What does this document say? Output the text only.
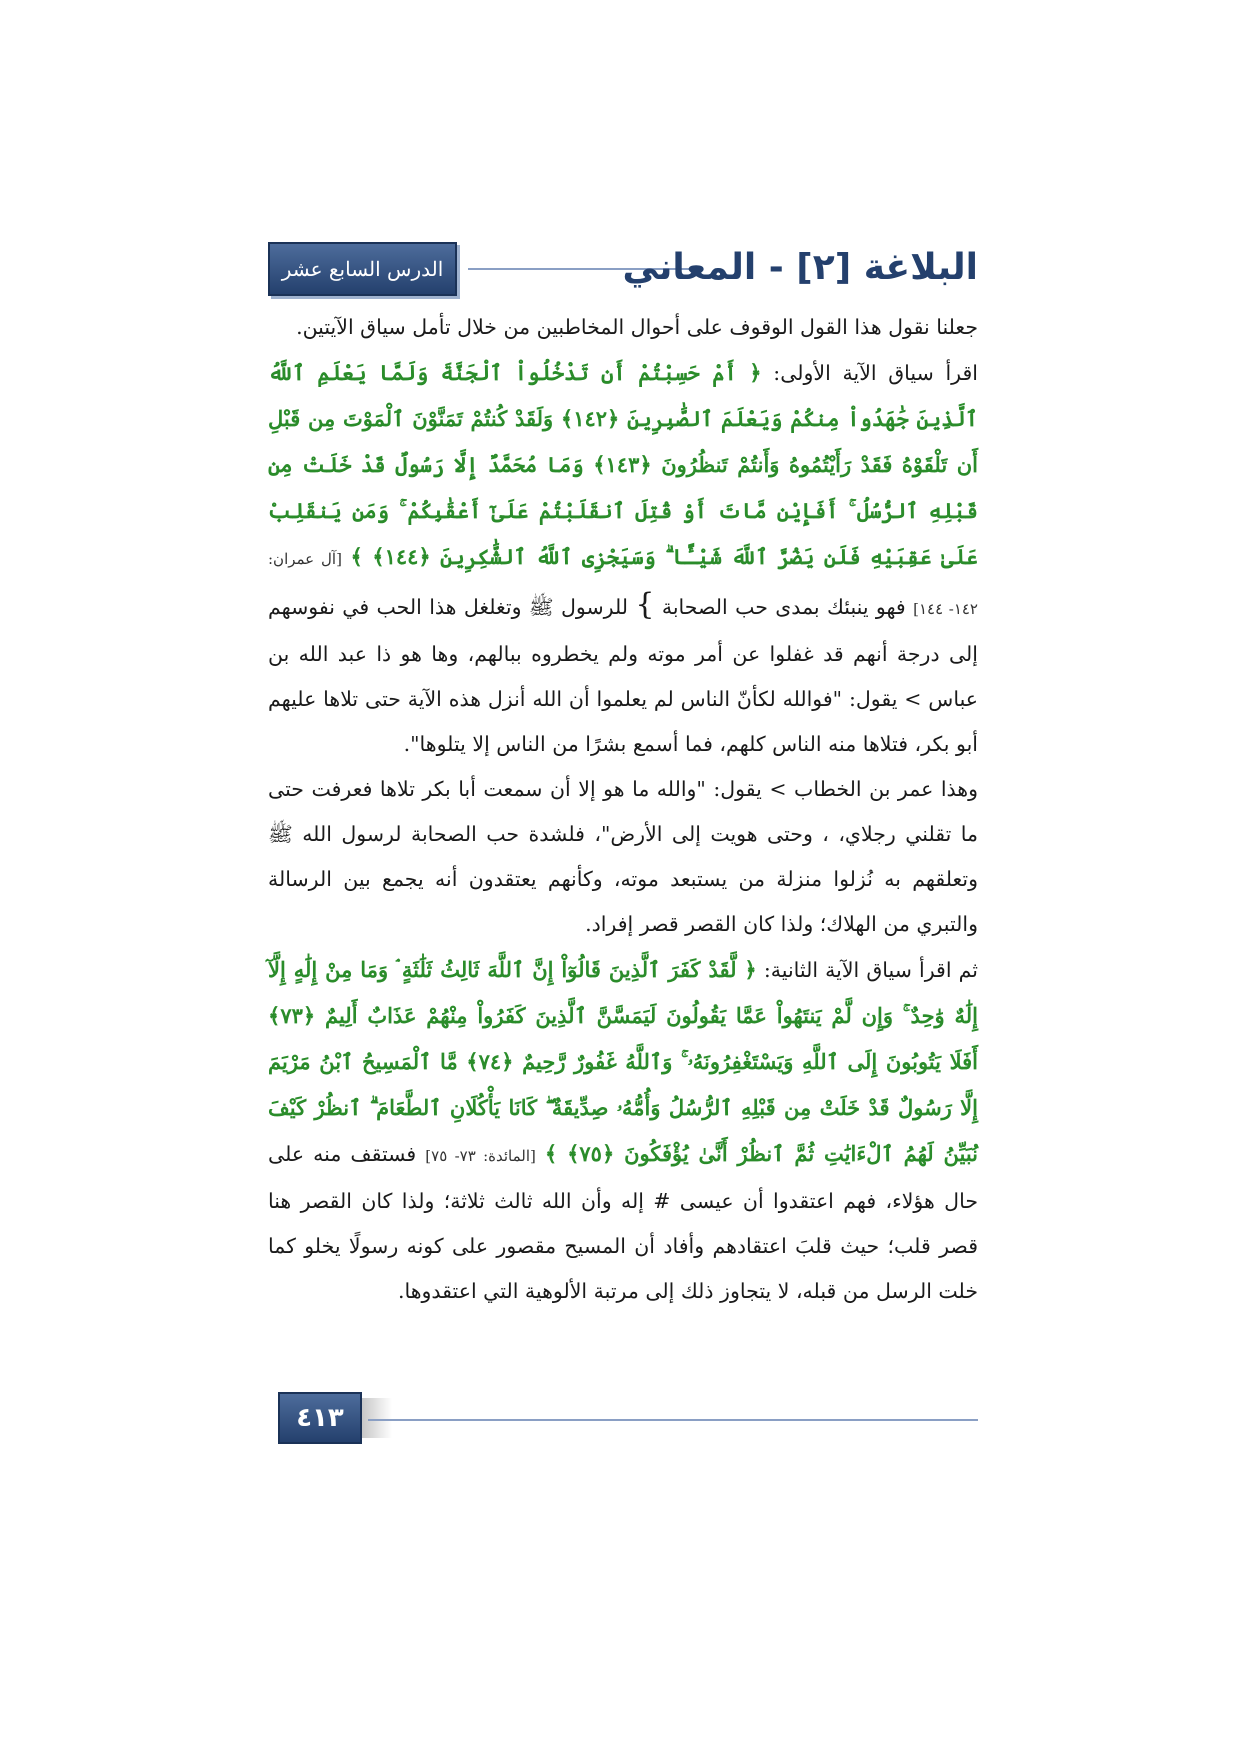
الدرس السابع عشر	البلاغة [٢] - المعاني

جعلنا نقول هذا القول الوقوف على أحوال المخاطبين من خلال تأمل سياق الآيتين.

اقرأ سياق الآية الأولى: ﴿ أَمْ حَسِبْتُمْ أَن تَدْخُلُواْ ٱلْجَنَّةَ وَلَمَّا يَعْلَمِ ٱللَّهُ ٱلَّذِينَ جَٰهَدُواْ مِنكُمْ وَيَعْلَمَ ٱلصَّٰبِرِينَ ﴿١٤٢﴾ وَلَقَدْ كُنتُمْ تَمَنَّوْنَ ٱلْمَوْتَ مِن قَبْلِ أَن تَلْقَوْهُ فَقَدْ رَأَيْتُمُوهُ وَأَنتُمْ تَنظُرُونَ ﴿١٤٣﴾ وَمَا مُحَمَّدٌ إِلَّا رَسُولٌ قَدْ خَلَتْ مِن قَبْلِهِ ٱلرُّسُلُ ۚ أَفَإِيْن مَّاتَ أَوْ قُتِلَ ٱنقَلَبْتُمْ عَلَىٰٓ أَعْقَٰبِكُمْ ۚ وَمَن يَنقَلِبْ عَلَىٰ عَقِبَيْهِ فَلَن يَضُرَّ ٱللَّهَ شَيْـًٔا ۗ وَسَيَجْزِى ٱللَّهُ ٱلشَّٰكِرِينَ ﴿١٤٤﴾ ﴾ [آل عمران: ١٤٢- ١٤٤] فهو ينبئك بمدى حب الصحابة } للرسول ﷺ وتغلغل هذا الحب في نفوسهم إلى درجة أنهم قد غفلوا عن أمر موته ولم يخطروه ببالهم، وها هو ذا عبد الله بن عباس > يقول: "فوالله لكأنّ الناس لم يعلموا أن الله أنزل هذه الآية حتى تلاها عليهم أبو بكر، فتلاها منه الناس كلهم، فما أسمع بشرًا من الناس إلا يتلوها".

وهذا عمر بن الخطاب > يقول: "والله ما هو إلا أن سمعت أبا بكر تلاها فعرفت حتى ما تقلني رجلاي، ، وحتى هويت إلى الأرض"، فلشدة حب الصحابة لرسول الله ﷺ وتعلقهم به نُزلوا منزلة من يستبعد موته، وكأنهم يعتقدون أنه يجمع بين الرسالة والتبري من الهلاك؛ ولذا كان القصر قصر إفراد.

ثم اقرأ سياق الآية الثانية: ﴿ لَّقَدْ كَفَرَ ٱلَّذِينَ قَالُوٓاْ إِنَّ ٱللَّهَ ثَالِثُ ثَلَٰثَةٍ ۘ وَمَا مِنْ إِلَٰهٍ إِلَّآ إِلَٰهٌ وَٰحِدٌ ۚ وَإِن لَّمْ يَنتَهُواْ عَمَّا يَقُولُونَ لَيَمَسَّنَّ ٱلَّذِينَ كَفَرُواْ مِنْهُمْ عَذَابٌ أَلِيمٌ ﴿٧٣﴾ أَفَلَا يَتُوبُونَ إِلَى ٱللَّهِ وَيَسْتَغْفِرُونَهُۥ ۚ وَٱللَّهُ غَفُورٌ رَّحِيمٌ ﴿٧٤﴾ مَّا ٱلْمَسِيحُ ٱبْنُ مَرْيَمَ إِلَّا رَسُولٌ قَدْ خَلَتْ مِن قَبْلِهِ ٱلرُّسُلُ وَأُمُّهُۥ صِدِّيقَةٌ ۖ كَانَا يَأْكُلَانِ ٱلطَّعَامَ ۗ ٱنظُرْ كَيْفَ نُبَيِّنُ لَهُمُ ٱلْءَايَٰتِ ثُمَّ ٱنظُرْ أَنَّىٰ يُؤْفَكُونَ ﴿٧٥﴾ ﴾ [المائدة: ٧٣- ٧٥] فستقف منه على حال هؤلاء، فهم اعتقدوا أن عيسى # إله وأن الله ثالث ثلاثة؛ ولذا كان القصر هنا قصر قلب؛ حيث قلبَ اعتقادهم وأفاد أن المسيح مقصور على كونه رسولًا يخلو كما خلت الرسل من قبله، لا يتجاوز ذلك إلى مرتبة الألوهية التي اعتقدوها.

٤١٣
